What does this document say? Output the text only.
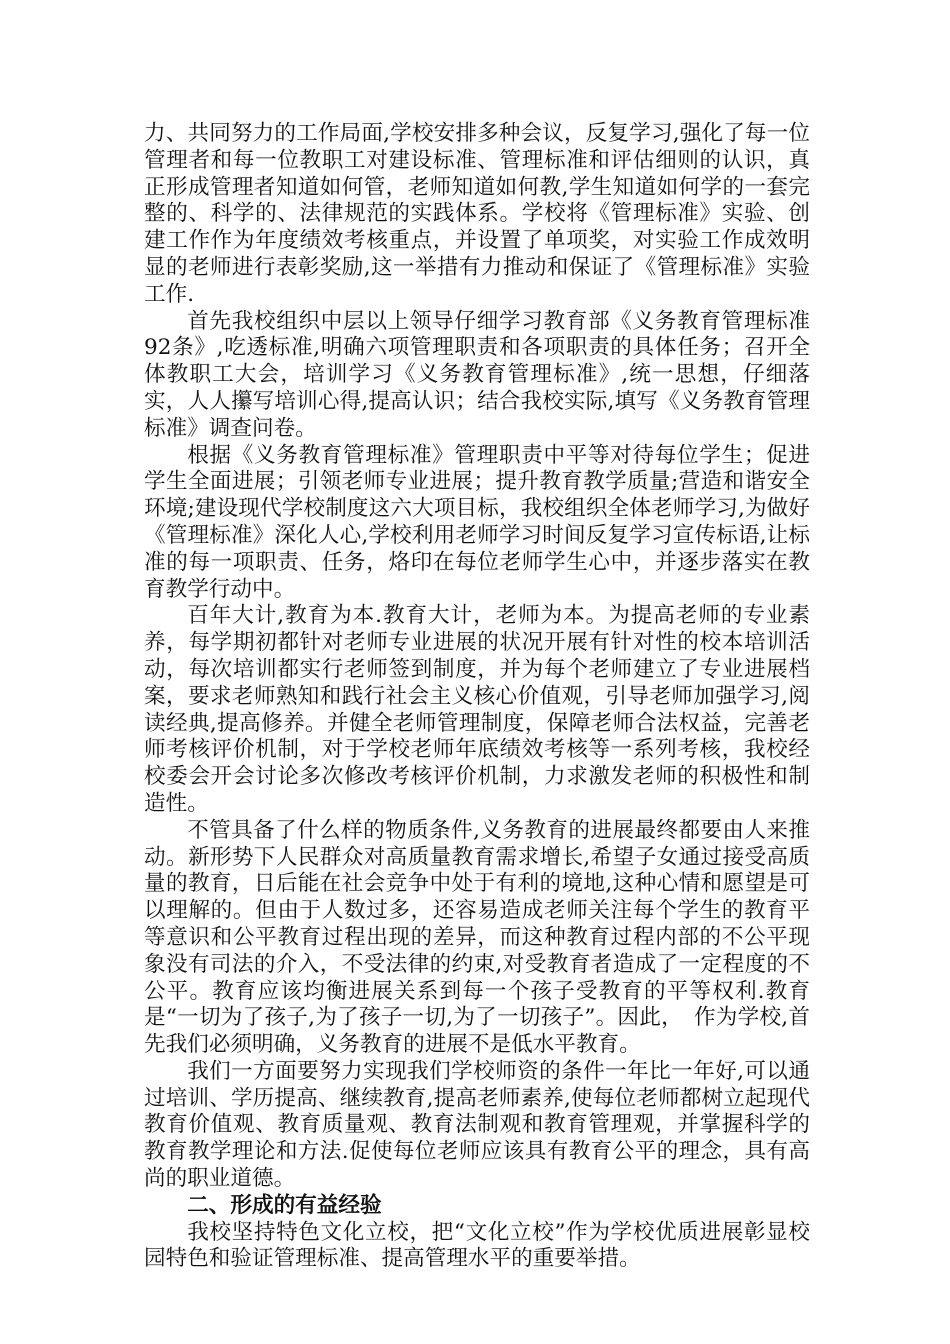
力、共同努力的工作局面,学校安排多种会议，反复学习,强化了每一位管理者和每一位教职工对建设标准、管理标准和评估细则的认识，真正形成管理者知道如何管，老师知道如何教,学生知道如何学的一套完整的、科学的、法律规范的实践体系。学校将《管理标准》实验、创建工作作为年度绩效考核重点，并设置了单项奖，对实验工作成效明显的老师进行表彰奖励,这一举措有力推动和保证了《管理标准》实验工作.

首先我校组织中层以上领导仔细学习教育部《义务教育管理标准92条》,吃透标准,明确六项管理职责和各项职责的具体任务；召开全体教职工大会，培训学习《义务教育管理标准》,统一思想，仔细落实，人人攥写培训心得,提高认识；结合我校实际,填写《义务教育管理标准》调查问卷。

根据《义务教育管理标准》管理职责中平等对待每位学生；促进学生全面进展；引领老师专业进展；提升教育教学质量;营造和谐安全环境;建设现代学校制度这六大项目标，我校组织全体老师学习,为做好《管理标准》深化人心,学校利用老师学习时间反复学习宣传标语,让标准的每一项职责、任务，烙印在每位老师学生心中，并逐步落实在教育教学行动中。

百年大计,教育为本.教育大计，老师为本。为提高老师的专业素养，每学期初都针对老师专业进展的状况开展有针对性的校本培训活动，每次培训都实行老师签到制度，并为每个老师建立了专业进展档案，要求老师熟知和践行社会主义核心价值观，引导老师加强学习,阅读经典,提高修养。并健全老师管理制度，保障老师合法权益，完善老师考核评价机制，对于学校老师年底绩效考核等一系列考核，我校经校委会开会讨论多次修改考核评价机制，力求激发老师的积极性和制造性。

不管具备了什么样的物质条件,义务教育的进展最终都要由人来推动。新形势下人民群众对高质量教育需求增长,希望子女通过接受高质量的教育，日后能在社会竞争中处于有利的境地,这种心情和愿望是可以理解的。但由于人数过多，还容易造成老师关注每个学生的教育平等意识和公平教育过程出现的差异，而这种教育过程内部的不公平现象没有司法的介入，不受法律的约束,对受教育者造成了一定程度的不公平。教育应该均衡进展关系到每一个孩子受教育的平等权利.教育是“一切为了孩子,为了孩子一切,为了一切孩子”。因此，　作为学校,首先我们必须明确，义务教育的进展不是低水平教育。

我们一方面要努力实现我们学校师资的条件一年比一年好,可以通过培训、学历提高、继续教育,提高老师素养,使每位老师都树立起现代教育价值观、教育质量观、教育法制观和教育管理观，并掌握科学的教育教学理论和方法.促使每位老师应该具有教育公平的理念，具有高尚的职业道德。

二、形成的有益经验

我校坚持特色文化立校，把“文化立校”作为学校优质进展彰显校园特色和验证管理标准、提高管理水平的重要举措。
